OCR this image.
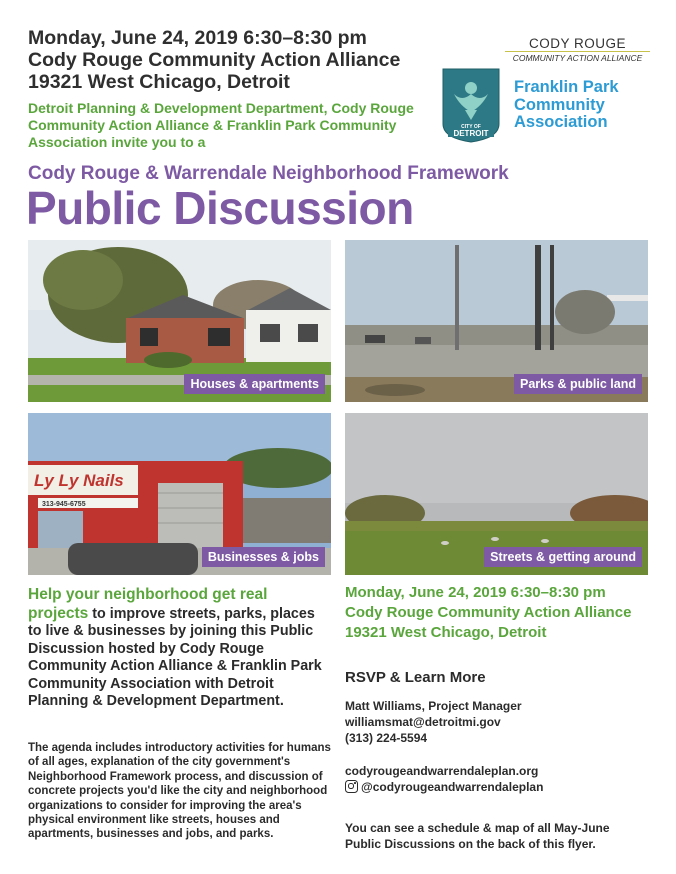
Monday, June 24, 2019 6:30–8:30 pm
Cody Rouge Community Action Alliance
19321 West Chicago, Detroit
Detroit Planning & Development Department, Cody Rouge Community Action Alliance & Franklin Park Community Association invite you to a
Cody Rouge & Warrendale Neighborhood Framework
Public Discussion
CODY ROUGE
COMMUNITY ACTION ALLIANCE
CITY OF
DETROIT
Franklin Park
Community
Association
Houses & apartments	Parks & public land
Ly Ly Nails
313-945-6755
Businesses & jobs	Streets & getting around
Help your neighborhood get real projects to improve streets, parks, places to live & businesses by joining this Public Discussion hosted by Cody Rouge Community Action Alliance & Franklin Park Community Association with Detroit Planning & Development Department.
The agenda includes introductory activities for humans of all ages, explanation of the city government's Neighborhood Framework process, and discussion of concrete projects you'd like the city and neighborhood organizations to consider for improving the area's physical environment like streets, houses and apartments, businesses and jobs, and parks.
Monday, June 24, 2019 6:30–8:30 pm
Cody Rouge Community Action Alliance
19321 West Chicago, Detroit
RSVP & Learn More
Matt Williams, Project Manager
williamsmat@detroitmi.gov
(313) 224-5594
codyrougeandwarrendaleplan.org
@codyrougeandwarrendaleplan
You can see a schedule & map of all May-June Public Discussions on the back of this flyer.
